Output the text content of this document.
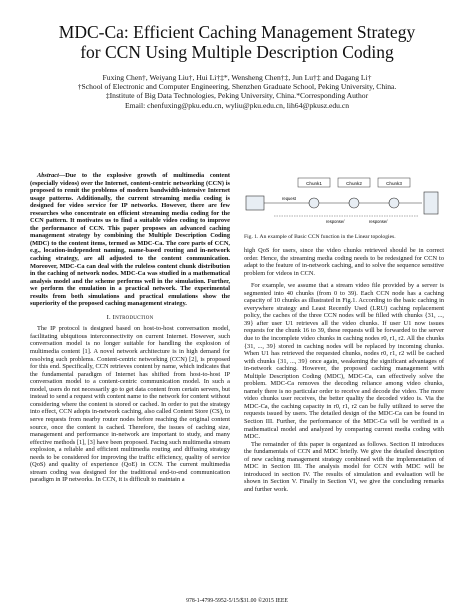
MDC-Ca: Efficient Caching Management Strategy
for CCN Using Multiple Description Coding
Fuxing Chen†, Weiyang Liu†, Hui Li†‡*, Wensheng Chen†‡, Jun Lu†‡ and Dagang Li†
†School of Electronic and Computer Engineering, Shenzhen Graduate School, Peking University, China.
‡Institute of Big Data Technologies, Peking University, China.*Corresponding Author
Email: chenfuxing@pku.edu.cn, wyliu@pku.edu.cn, lih64@pkusz.edu.cn
Abstract—Due to the explosive growth of multimedia content (especially videos) over the Internet, content-centric networking (CCN) is proposed to remit the problems of modern bandwidth-intensive Internet usage patterns. Additionally, the current streaming media coding is designed for video service for IP networks. However, there are few researches who concentrate on efficient streaming media coding for the CCN pattern. It motivates us to find a suitable video coding to improve the performance of CCN. This paper proposes an advanced caching management strategy by combining the Multiple Description Coding (MDC) to the content items, termed as MDC-Ca. The core parts of CCN, e.g., location-independent naming, name-based routing and in-network caching strategy, are all adjusted to the content communication. Moreover, MDC-Ca can deal with the ruleless content chunk distribution in the caching of network nodes. MDC-Ca was studied in a mathematical analysis model and the scheme performs well in the simulation. Further, we perform the emulation in a practical network. The experimental results from both simulations and practical emulations show the superiority of the proposed caching management strategy.
I. Introduction

The IP protocol is designed based on host-to-host conversation model, facilitating ubiquitous interconnectivity on current Internet. However, such conversation model is no longer suitable for handling the explosion of multimedia content [1]. A novel network architecture is in high demand for resolving such problems. Content-centric networking (CCN) [2], is proposed for this end. Specifically, CCN retrieves content by name, which indicates that the fundamental paradigm of Internet has shifted from host-to-host IP conversation model to a content-centric communication model. In such a model, users do not necessarily go to get data content from certain servers, but instead to send a request with content name to the network for content without considering where the content is stored or cached. In order to put the strategy into effect, CCN adopts in-network caching, also called Content Store (CS), to serve requests from nearby router nodes before reaching the original content source, once the content is cached. Therefore, the issues of caching size, management and performance in-network are important to study, and many effective methods [1], [3] have been proposed. Facing such multimedia stream explosion, a reliable and efficient multimedia routing and diffusing strategy needs to be considered for improving the traffic efficiency, quality of service (QoS) and quality of experience (QoE) in CCN. The current multimedia stream coding was designed for the traditional end-to-end communication paradigm in IP networks. In CCN, it is difficult to maintain a

Chunk1	Chunk2	Chunk3
request
response/	response/
Fig. 1. An example of Basic CCN function in the Linear topologies.

high QoS for users, since the video chunks retrieved should be in correct order. Hence, the streaming media coding needs to be redesigned for CCN to adapt to the feature of in-network caching, and to solve the sequence sensitive problem for videos in CCN.

For example, we assume that a stream video file provided by a server is segmented into 40 chunks (from 0 to 39). Each CCN node has a caching capacity of 10 chunks as illustrated in Fig.1. According to the basic caching in everywhere strategy and Least Recently Used (LRU) caching replacement policy, the caches of the three CCN nodes will be filled with chunks {31, ..., 39} after user U1 retrieves all the video chunks. If user U1 now issues requests for the chunk 16 to 39, these requests will be forwarded to the server due to the incomplete video chunks in caching nodes r0, r1, r2. All the chunks {31, ..., 39} stored in caching nodes will be replaced by incoming chunks. When U1 has retrieved the requested chunks, nodes r0, r1, r2 will be cached with chunks {31, ..., 39} once again, weakening the significant advantages of in-network caching. However, the proposed caching management with Multiple Description Coding (MDC), MDC-Ca, can effectively solve the problem. MDC-Ca removes the decoding reliance among video chunks, namely there is no particular order to receive and decode the video. The more video chunks user receives, the better quality the decoded video is. Via the MDC-Ca, the caching capacity in r0, r1, r2 can be fully utilized to serve the requests issued by users. The detailed design of the MDC-Ca can be found in Section III. Further, the performance of the MDC-Ca will be verified in a mathematical model and analyzed by comparing current media coding with MDC.

The remainder of this paper is organized as follows. Section II introduces the fundamentals of CCN and MDC briefly. We give the detailed description of new caching management strategy combined with the implementation of MDC in Section III. The analysis model for CCN with MDC will be introduced in section IV. The results of simulation and evaluation will be shown in Section V. Finally in Section VI, we give the concluding remarks and further work.

978-1-4799-5952-5/15/$31.00 ©2015 IEEE
